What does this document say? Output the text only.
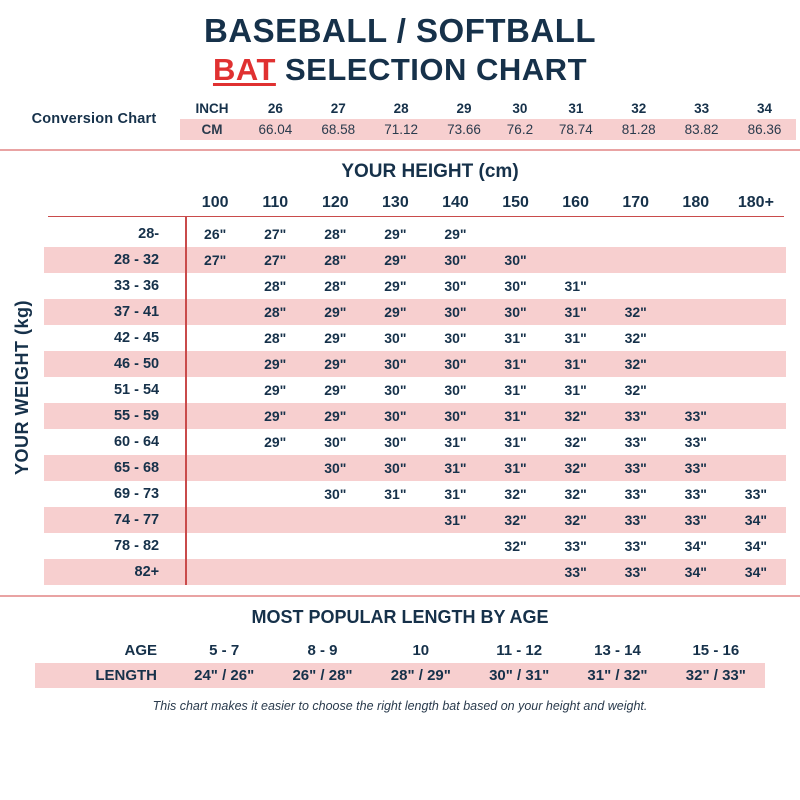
BASEBALL / SOFTBALL
BAT SELECTION CHART
Conversion Chart
INCH	26	27	28	29	30	31	32	33	34
CM	66.04	68.58	71.12	73.66	76.2	78.74	81.28	83.82	86.36
YOUR HEIGHT (cm)
YOUR WEIGHT (kg)
	100	110	120	130	140	150	160	170	180	180+
28-	26"	27"	28"	29"	29"					
28 - 32	27"	27"	28"	29"	30"	30"				
33 - 36		28"	28"	29"	30"	30"	31"			
37 - 41		28"	29"	29"	30"	30"	31"	32"		
42 - 45		28"	29"	30"	30"	31"	31"	32"		
46 - 50		29"	29"	30"	30"	31"	31"	32"		
51 - 54		29"	29"	30"	30"	31"	31"	32"		
55 - 59		29"	29"	30"	30"	31"	32"	33"	33"	
60 - 64		29"	30"	30"	31"	31"	32"	33"	33"	
65 - 68			30"	30"	31"	31"	32"	33"	33"	
69 - 73			30"	31"	31"	32"	32"	33"	33"	33"
74 - 77					31"	32"	32"	33"	33"	34"
78 - 82						32"	33"	33"	34"	34"
82+							33"	33"	34"	34"
MOST POPULAR LENGTH BY AGE
AGE	5 - 7	8 - 9	10	11 - 12	13 - 14	15 - 16
LENGTH	24" / 26"	26" / 28"	28" / 29"	30" / 31"	31" / 32"	32" / 33"
This chart makes it easier to choose the right length bat based on your height and weight.
